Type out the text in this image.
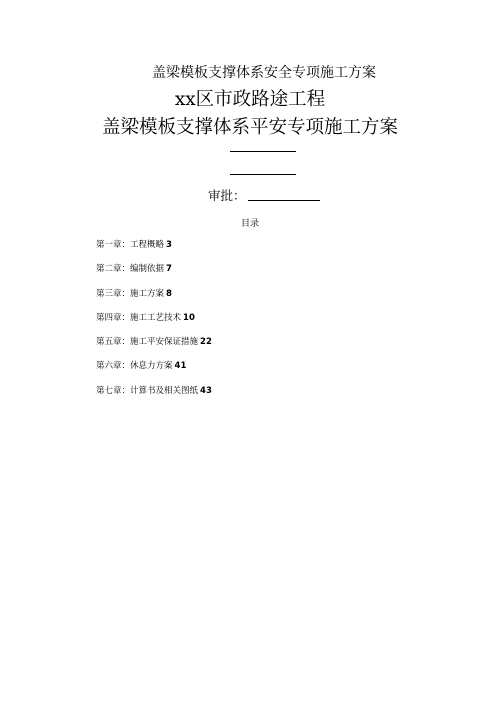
盖梁模板支撑体系安全专项施工方案
xx区市政路途工程
盖梁模板支撑体系平安专项施工方案
审批：
目录
第一章：工程概略 3
第二章：编制依据 7
第三章：施工方案 8
第四章：施工工艺技术 10
第五章：施工平安保证措施 22
第六章：休息力方案 41
第七章：计算书及相关图纸 43
